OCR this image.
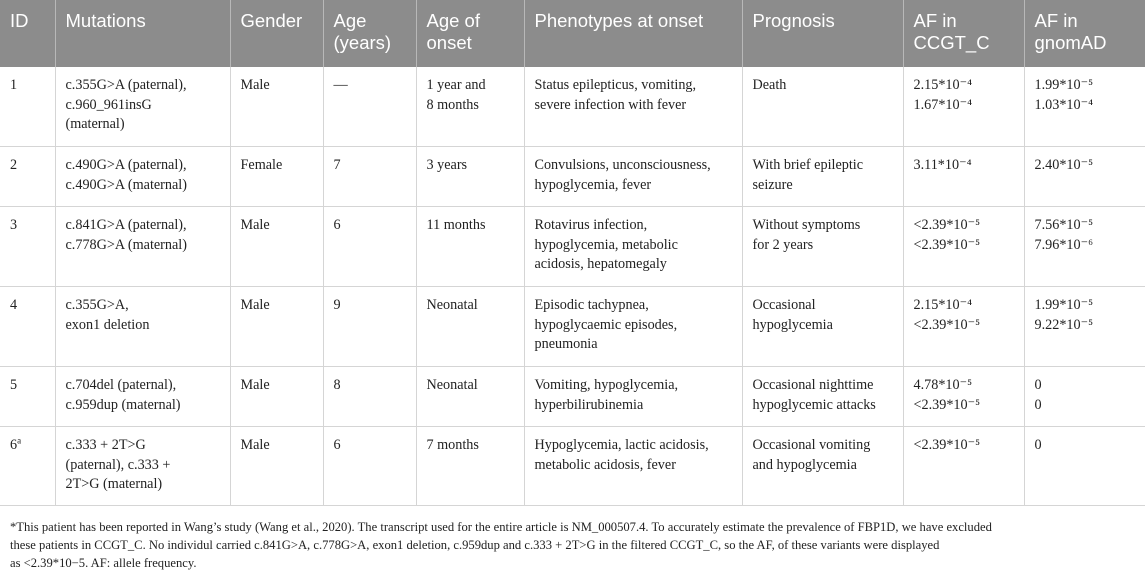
ID	Mutations	Gender	Age
(years)	Age of
onset	Phenotypes at onset	Prognosis	AF in
CCGT_C	AF in
gnomAD

1	c.355G>A (paternal),
c.960_961insG
(maternal)	Male	—	1 year and
8 months	Status epilepticus, vomiting,
severe infection with fever	Death	2.15*10⁻⁴
1.67*10⁻⁴	1.99*10⁻⁵
1.03*10⁻⁴

2	c.490G>A (paternal),
c.490G>A (maternal)	Female	7	3 years	Convulsions, unconsciousness,
hypoglycemia, fever	With brief epileptic
seizure	3.11*10⁻⁴	2.40*10⁻⁵

3	c.841G>A (paternal),
c.778G>A (maternal)	Male	6	11 months	Rotavirus infection,
hypoglycemia, metabolic
acidosis, hepatomegaly	Without symptoms
for 2 years	<2.39*10⁻⁵
<2.39*10⁻⁵	7.56*10⁻⁵
7.96*10⁻⁶

4	c.355G>A,
exon1 deletion	Male	9	Neonatal	Episodic tachypnea,
hypoglycaemic episodes,
pneumonia	Occasional
hypoglycemia	2.15*10⁻⁴
<2.39*10⁻⁵	1.99*10⁻⁵
9.22*10⁻⁵

5	c.704del (paternal),
c.959dup (maternal)	Male	8	Neonatal	Vomiting, hypoglycemia,
hyperbilirubinemia	Occasional nighttime
hypoglycemic attacks	4.78*10⁻⁵
<2.39*10⁻⁵	0
0

6$^a$	c.333 + 2T>G
(paternal), c.333 +
2T>G (maternal)	Male	6	7 months	Hypoglycemia, lactic acidosis,
metabolic acidosis, fever	Occasional vomiting
and hypoglycemia	<2.39*10⁻⁵	0
*This patient has been reported in Wang’s study (Wang et al., 2020). The transcript used for the entire article is NM_000507.4. To accurately estimate the prevalence of FBP1D, we have excluded
these patients in CCGT_C. No individul carried c.841G>A, c.778G>A, exon1 deletion, c.959dup and c.333 + 2T>G in the filtered CCGT_C, so the AF, of these variants were displayed
as <2.39*10−5. AF: allele frequency.
